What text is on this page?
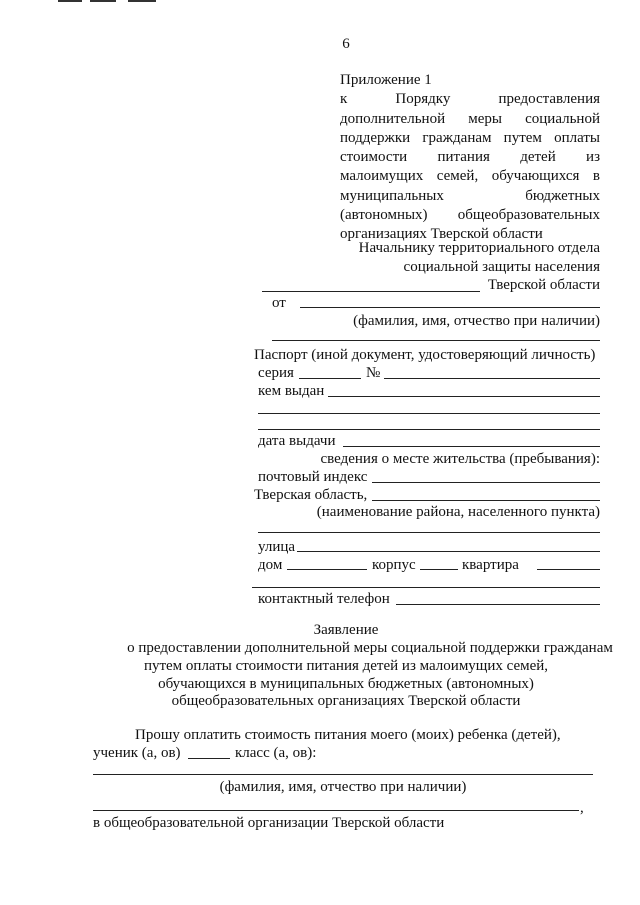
6
Приложение 1
к Порядку предоставления
дополнительной меры социальной
поддержки гражданам путем оплаты
стоимости питания детей из
малоимущих семей, обучающихся в
муниципальных бюджетных
(автономных) общеобразовательных
организациях Тверской области
Начальнику территориального отдела
социальной защиты населения
Тверской области
от
(фамилия, имя, отчество при наличии)
Паспорт (иной документ, удостоверяющий личность)
серия	№
кем выдан
дата выдачи
сведения о месте жительства (пребывания):
почтовый индекс
Тверская область,
(наименование района, населенного пункта)
улица
дом	корпус	квартира
контактный телефон
Заявление
о предоставлении дополнительной меры социальной поддержки гражданам
путем оплаты стоимости питания детей из малоимущих семей,
обучающихся в муниципальных бюджетных (автономных)
общеобразовательных организациях Тверской области
Прошу оплатить стоимость питания моего (моих) ребенка (детей),
ученик (а, ов)	класс (а, ов):
(фамилия, имя, отчество при наличии)
,
в общеобразовательной организации Тверской области
